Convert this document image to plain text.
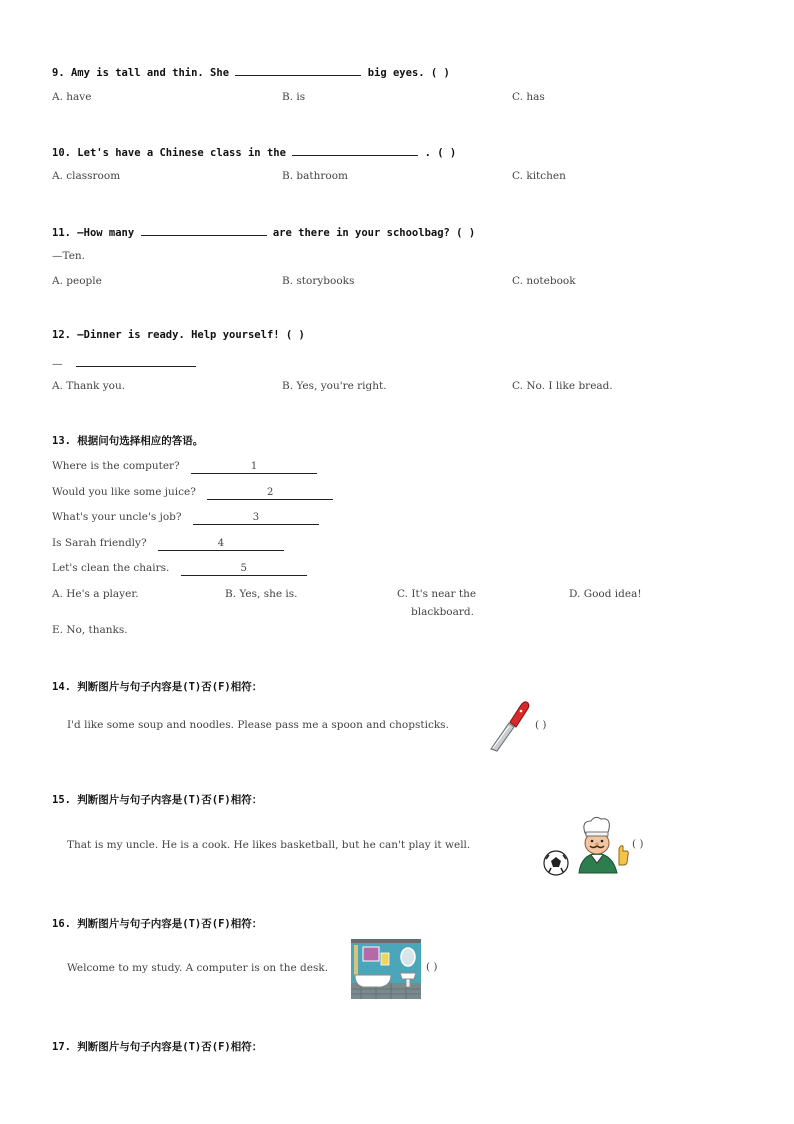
9. Amy is tall and thin. She	big eyes. ( )
A. have	B. is	C. has
10. Let's have a Chinese class in the	. ( )
A. classroom	B. bathroom	C. kitchen
11. —How many	are there in your schoolbag? ( )
—Ten.
A. people	B. storybooks	C. notebook
12. —Dinner is ready. Help yourself! ( )
—
A. Thank you.	B. Yes, you're right.	C. No. I like bread.
13. 根据问句选择相应的答语。
Where is the computer?	1
Would you like some juice?	2
What's your uncle's job?	3
Is Sarah friendly?	4
Let's clean the chairs.	5
A. He's a player.	B. Yes, she is.	C. It's near the
blackboard.
D. Good idea!
E. No, thanks.
14. 判断图片与句子内容是(T)否(F)相符：
I'd like some soup and noodles. Please pass me a spoon and chopsticks.	( )
15. 判断图片与句子内容是(T)否(F)相符：
That is my uncle. He is a cook. He likes basketball, but he can't play it well.	( )
16. 判断图片与句子内容是(T)否(F)相符：
Welcome to my study. A computer is on the desk.	( )
17. 判断图片与句子内容是(T)否(F)相符：
